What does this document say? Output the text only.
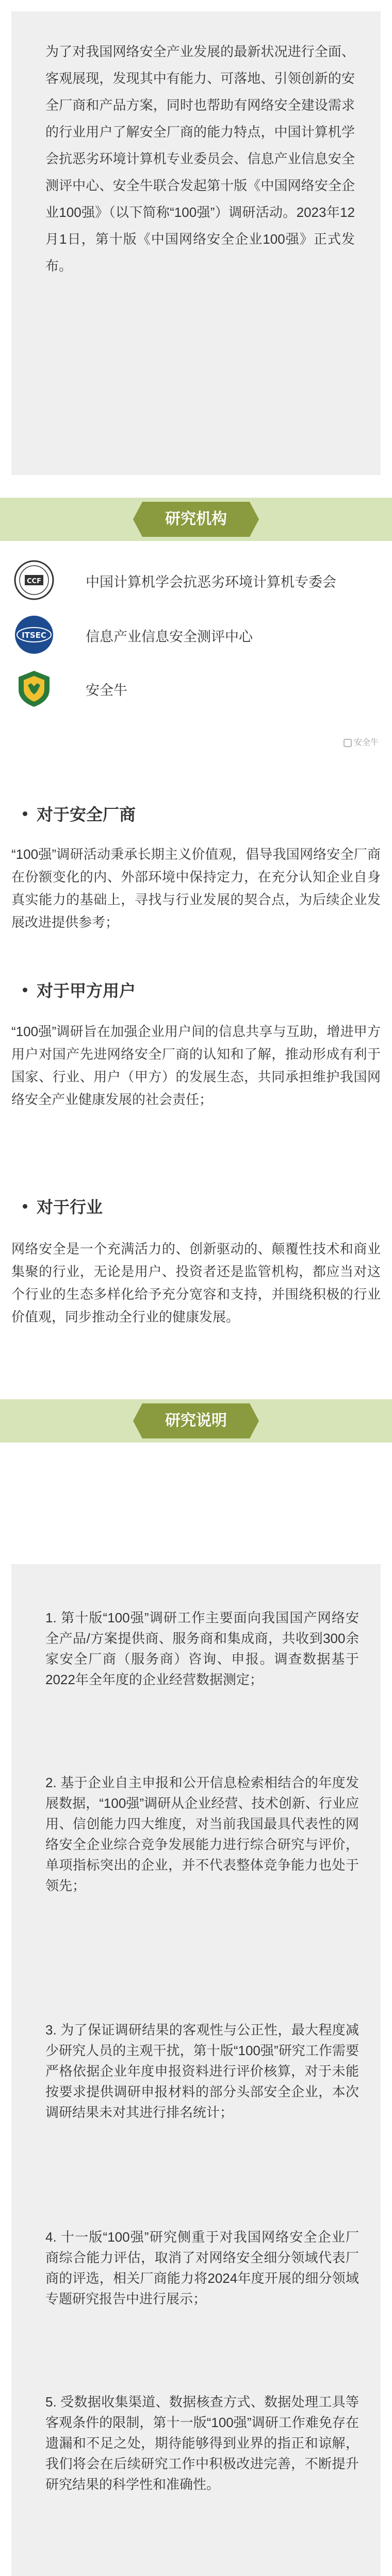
为了对我国网络安全产业发展的最新状况进行全面、客观展现，发现其中有能力、可落地、引领创新的安全厂商和产品方案，同时也帮助有网络安全建设需求的行业用户了解安全厂商的能力特点，中国计算机学会抗恶劣环境计算机专业委员会、信息产业信息安全测评中心、安全牛联合发起第十版《中国网络安全企业100强》（以下简称“100强”）调研活动。2023年12月1日，第十版《中国网络安全企业100强》正式发布。

研究机构
CCF	中国计算机学会抗恶劣环境计算机专委会
ITSEC	信息产业信息安全测评中心
安全牛
安全牛
对于安全厂商

“100强”调研活动秉承长期主义价值观，倡导我国网络安全厂商在份额变化的内、外部环境中保持定力，在充分认知企业自身真实能力的基础上，寻找与行业发展的契合点，为后续企业发展改进提供参考；

对于甲方用户

“100强”调研旨在加强企业用户间的信息共享与互助，增进甲方用户对国产先进网络安全厂商的认知和了解，推动形成有利于国家、行业、用户（甲方）的发展生态，共同承担维护我国网络安全产业健康发展的社会责任；

对于行业

网络安全是一个充满活力的、创新驱动的、颠覆性技术和商业集聚的行业，无论是用户、投资者还是监管机构，都应当对这个行业的生态多样化给予充分宽容和支持，并围绕积极的行业价值观，同步推动全行业的健康发展。

研究说明

1. 第十版“100强”调研工作主要面向我国国产网络安全产品/方案提供商、服务商和集成商，共收到300余家安全厂商（服务商）咨询、申报。调查数据基于2022年全年度的企业经营数据测定；

2. 基于企业自主申报和公开信息检索相结合的年度发展数据，“100强”调研从企业经营、技术创新、行业应用、信创能力四大维度，对当前我国最具代表性的网络安全企业综合竞争发展能力进行综合研究与评价，单项指标突出的企业，并不代表整体竞争能力也处于领先；

3. 为了保证调研结果的客观性与公正性，最大程度减少研究人员的主观干扰，第十版“100强”研究工作需要严格依据企业年度申报资料进行评价核算，对于未能按要求提供调研申报材料的部分头部安全企业，本次调研结果未对其进行排名统计；

4. 十一版“100强”研究侧重于对我国网络安全企业厂商综合能力评估，取消了对网络安全细分领域代表厂商的评选，相关厂商能力将2024年度开展的细分领域专题研究报告中进行展示；

5. 受数据收集渠道、数据核查方式、数据处理工具等客观条件的限制，第十一版“100强”调研工作难免存在遗漏和不足之处，期待能够得到业界的指正和谅解，我们将会在后续研究工作中积极改进完善，不断提升研究结果的科学性和准确性。
